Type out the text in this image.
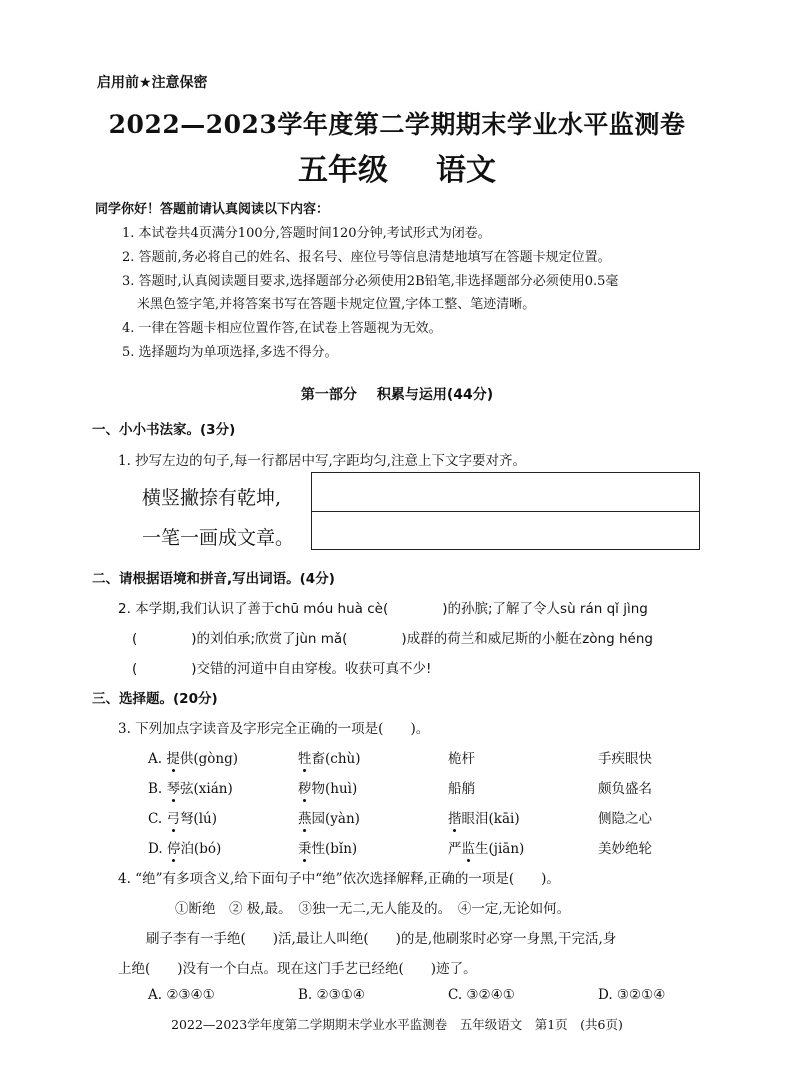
启用前★注意保密
2022—2023学年度第二学期期末学业水平监测卷
五年级 语文
同学你好！答题前请认真阅读以下内容：
1. 本试卷共4页满分100分,答题时间120分钟,考试形式为闭卷。
2. 答题前,务必将自己的姓名、报名号、座位号等信息清楚地填写在答题卡规定位置。
3. 答题时,认真阅读题目要求,选择题部分必须使用2B铅笔,非选择题部分必须使用0.5毫
米黑色签字笔,并将答案书写在答题卡规定位置,字体工整、笔迹清晰。
4. 一律在答题卡相应位置作答,在试卷上答题视为无效。
5. 选择题均为单项选择,多选不得分。
第一部分 积累与运用(44分)
一、小小书法家。(3分)
1. 抄写左边的句子,每一行都居中写,字距均匀,注意上下文字要对齐。
横竖撇捺有乾坤,
一笔一画成文章。
二、请根据语境和拼音,写出词语。(4分)
2. 本学期,我们认识了善于chū móu huà cè(　　　　)的孙膑;了解了令人sù rán qǐ jìng
(　　　　)的刘伯承;欣赏了jùn mǎ(　　　　)成群的荷兰和威尼斯的小艇在zòng héng
(　　　　)交错的河道中自由穿梭。收获可真不少!
三、选择题。(20分)
3. 下列加点字读音及字形完全正确的一项是(　　)。
A. 提供(gòng)	牲畜(chù)	桅杆	手疾眼快
B. 琴弦(xián)	秽物(huì)	船艄	颇负盛名
C. 弓弩(lú)	燕园(yàn)	揩眼泪(kāi)	侧隐之心
D. 停泊(bó)	秉性(bǐn)	严监生(jiān)	美妙绝轮
4. “绝”有多项含义,给下面句子中“绝”依次选择解释,正确的一项是(　　)。
①断绝　② 极,最。　③独一无二,无人能及的。　④一定,无论如何。
刷子李有一手绝(　　)活,最让人叫绝(　　)的是,他刷浆时必穿一身黑,干完活,身
上绝(　　)没有一个白点。现在这门手艺已经绝(　　)迹了。
A. ②③④①	B. ②③①④	C. ③②④①	D. ③②①④
2022—2023学年度第二学期期末学业水平监测卷　五年级语文　第1页　(共6页)
